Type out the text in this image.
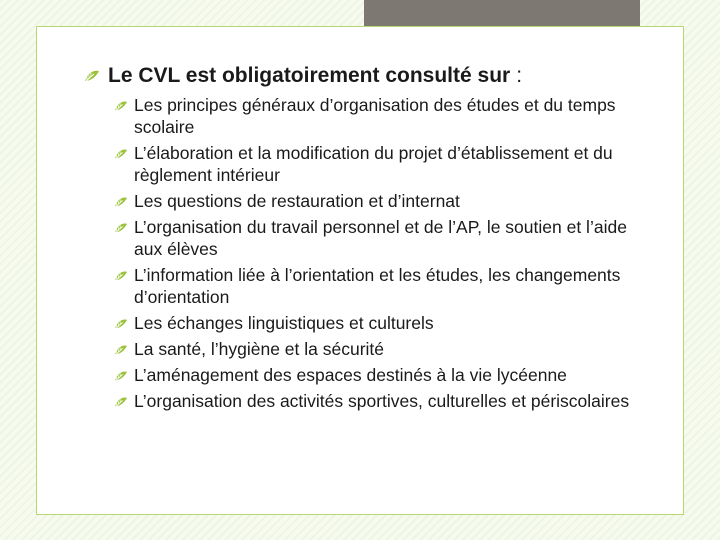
Le CVL est obligatoirement consulté sur :
Les principes généraux d’organisation des études et du temps scolaire
L’élaboration et la modification du projet d’établissement et du règlement intérieur
Les questions de restauration et d’internat
L’organisation du travail personnel et de l’AP, le soutien et l’aide aux élèves
L’information liée à l’orientation et les études, les changements d’orientation
Les échanges linguistiques et culturels
La santé, l’hygiène et la sécurité
L’aménagement des espaces destinés à la vie lycéenne
L’organisation des activités sportives, culturelles et périscolaires
